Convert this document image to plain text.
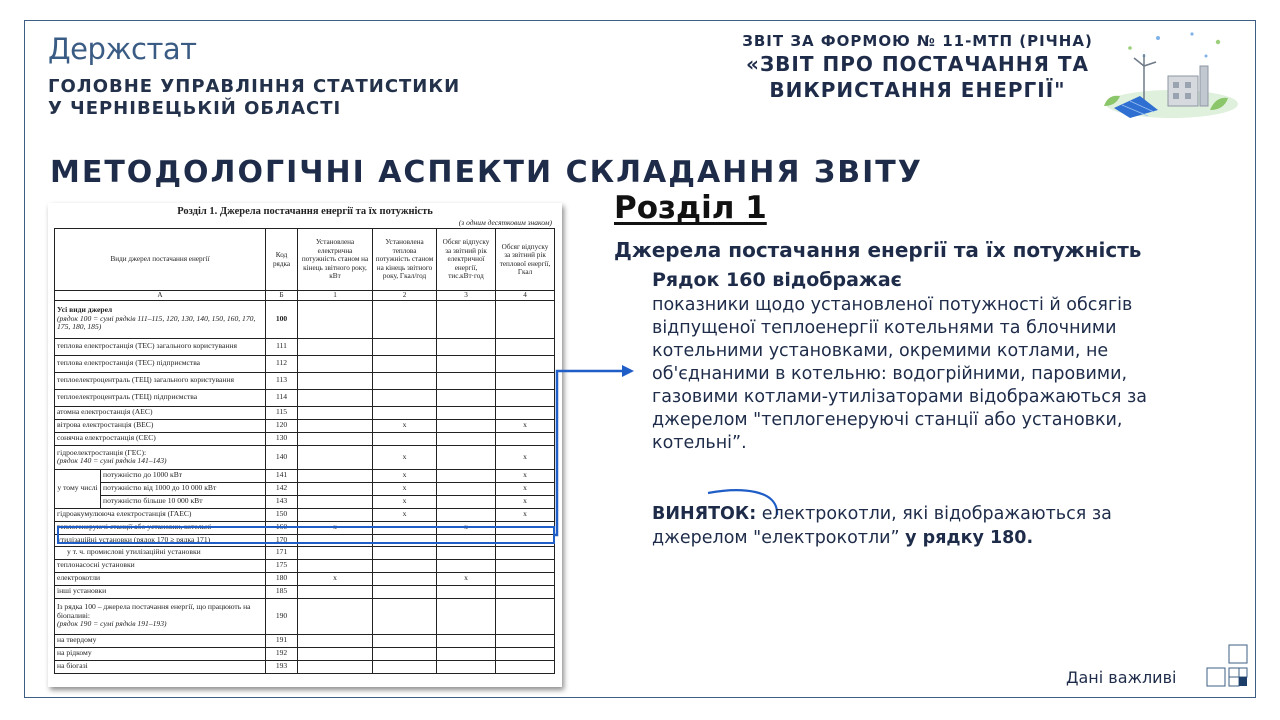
Держстат
ГОЛОВНЕ УПРАВЛІННЯ СТАТИСТИКИ
У ЧЕРНІВЕЦЬКІЙ ОБЛАСТІ
ЗВІТ ЗА ФОРМОЮ № 11-МТП (РІЧНА)
«ЗВІТ ПРО ПОСТАЧАННЯ ТА
ВИКРИСТАННЯ ЕНЕРГІЇ"
МЕТОДОЛОГІЧНІ АСПЕКТИ СКЛАДАННЯ ЗВІТУ
Розділ 1. Джерела постачання енергії та їх потужність
(з одним десятковим знаком)
Види джерел постачання енергії		Код рядка	Установлена електрична потужність станом на кінець звітного року, кВт	Установлена теплова потужність станом на кінець звітного року, Гкал/год	Обсяг відпуску за звітний рік електричної енергії, тис.кВт·год	Обсяг відпуску за звітний рік теплової енергії, Гкал
А		Б	1	2	3	4

Усі види джерел
(рядок 100 = сумі рядків 111–115, 120, 130, 140, 150, 160, 170, 175, 180, 185)		100				
теплова електростанція (ТЕС) загального користування		111				
теплова електростанція (ТЕС) підприємства		112				
теплоелектроцентраль (ТЕЦ) загального користування		113				
теплоелектроцентраль (ТЕЦ) підприємства		114				
атомна електростанція (АЕС)		115				
вітрова електростанція (ВЕС)		120		х		х
сонячна електростанція (СЕС)		130				

гідроелектростанція (ГЕС):
(рядок 140 = сумі рядків 141–143)		140		х		х
у тому числі	потужністю до 1000 кВт	141		х		х
	потужністю від 1000 до 10 000 кВт	142		х		х
	потужністю більше 10 000 кВт	143		х		х
гідроакумулююча електростанція (ГАЕС)		150		х		х
теплогенеруючі станції або установки, котельні		160	х		х	
утилізаційні установки (рядок 170 ≥ рядка 171)		170				
у т. ч. промислові утилізаційні установки		171				
теплонасосні установки		175				
електрокотли		180	х		х	
інші установки		185				

Із рядка 100 – джерела постачання енергії, що працюють на біопаливі:
(рядок 190 = сумі рядків 191–193)		190				
на твердому		191				
на рідкому		192				
на біогазі		193				
Розділ 1
Джерела постачання енергії та їх потужність
Рядок 160 відображає
показники щодо установленої потужності й обсягів відпущеної теплоенергії котельнями та блочними котельними установками, окремими котлами, не об'єднаними в котельню: водогрійними, паровими, газовими котлами-утилізаторами відображаються за джерелом "теплогенеруючі станції або установки, котельні”.
ВИНЯТОК: електрокотли, які відображаються за джерелом "електрокотли” у рядку 180.
Дані важливі
